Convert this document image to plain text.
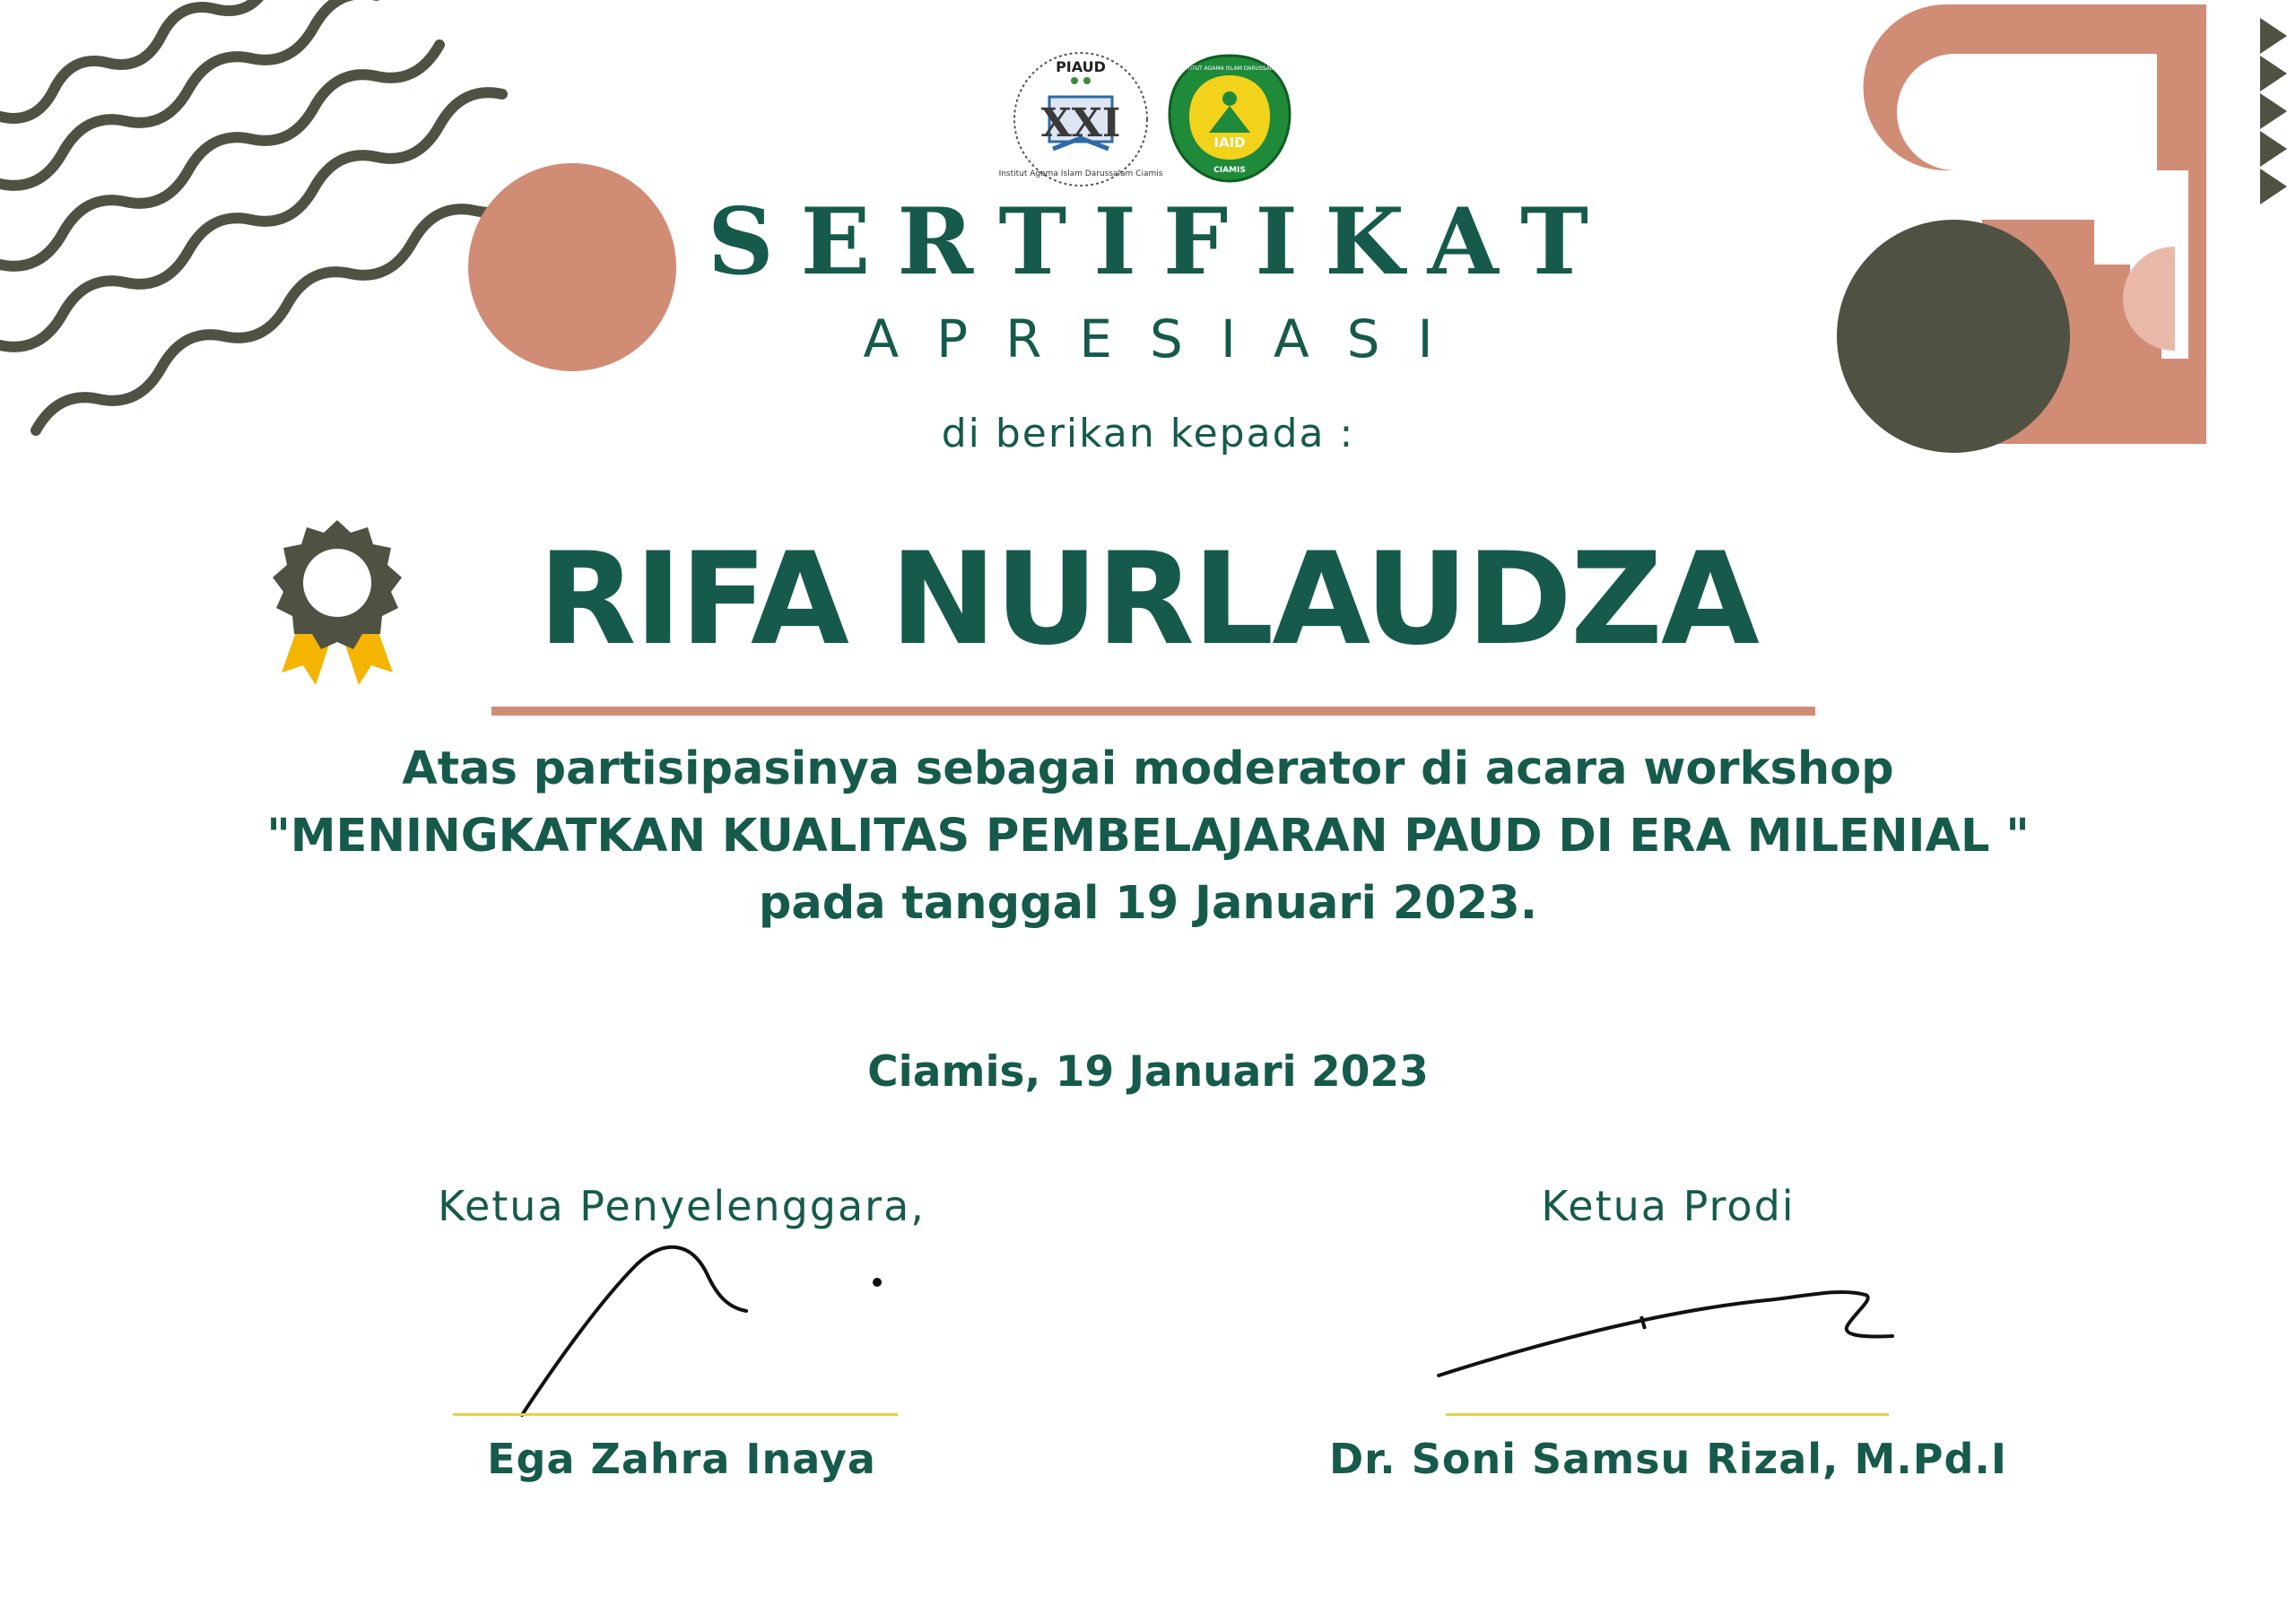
PIAUD
XXI
Institut Agama Islam Darussalam Ciamis
IAID
CIAMIS
INSTITUT AGAMA ISLAM DARUSSALAM
SERTIFIKAT
APRESIASI
di berikan kepada :
RIFA NURLAUDZA
Atas partisipasinya sebagai moderator di acara workshop
"MENINGKATKAN KUALITAS PEMBELAJARAN PAUD DI ERA MILENIAL "
pada tanggal 19 Januari 2023.
Ciamis, 19 Januari 2023
Ketua Penyelenggara,
Ega Zahra Inaya
Ketua Prodi
Dr. Soni Samsu Rizal, M.Pd.I
